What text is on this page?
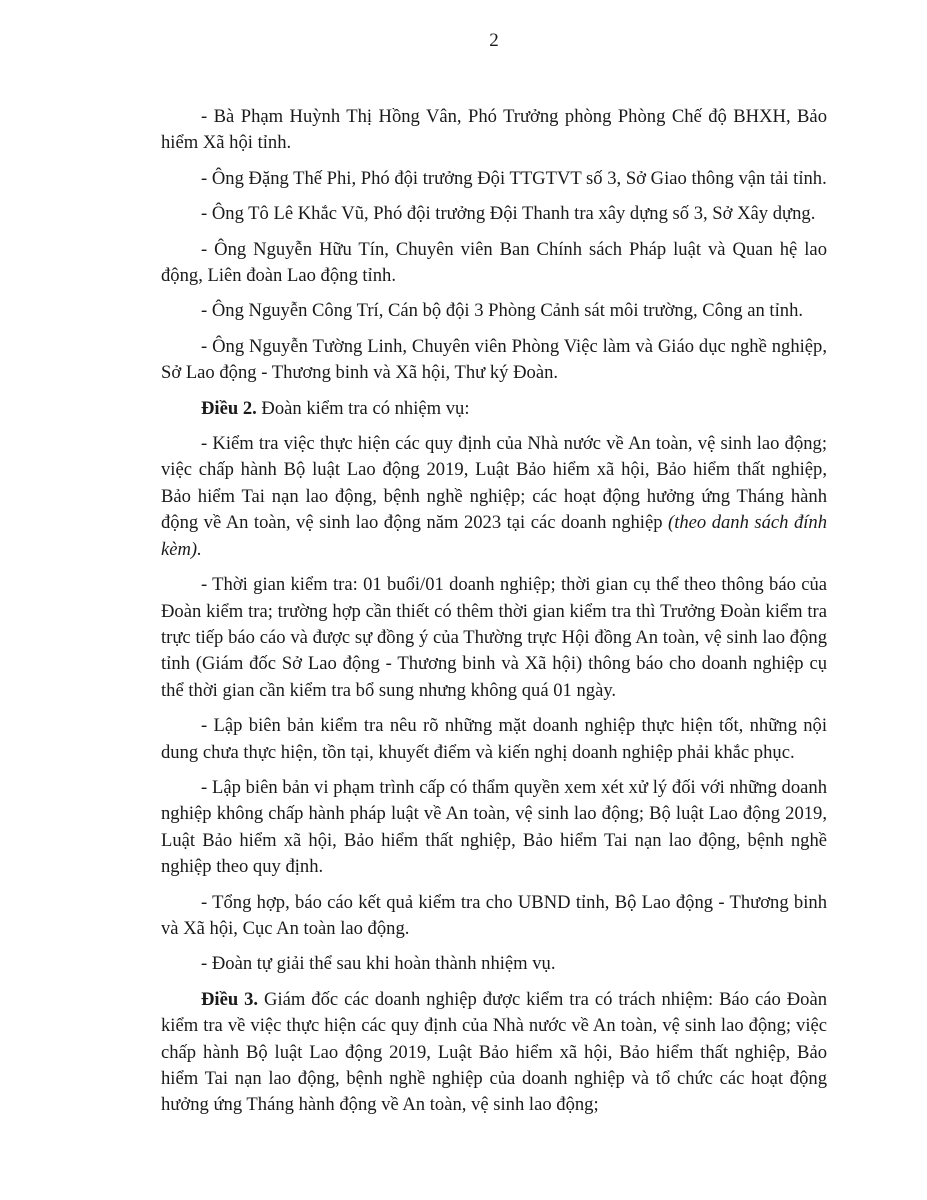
2

- Bà Phạm Huỳnh Thị Hồng Vân, Phó Trưởng phòng Phòng Chế độ BHXH, Bảo hiểm Xã hội tỉnh.

- Ông Đặng Thế Phi, Phó đội trưởng Đội TTGTVT số 3, Sở Giao thông vận tải tỉnh.

- Ông Tô Lê Khắc Vũ, Phó đội trưởng Đội Thanh tra xây dựng số 3, Sở Xây dựng.

- Ông Nguyễn Hữu Tín, Chuyên viên Ban Chính sách Pháp luật và Quan hệ lao động, Liên đoàn Lao động tỉnh.

- Ông Nguyễn Công Trí, Cán bộ đội 3 Phòng Cảnh sát môi trường, Công an tỉnh.

- Ông Nguyễn Tường Linh, Chuyên viên Phòng Việc làm và Giáo dục nghề nghiệp, Sở Lao động - Thương binh và Xã hội, Thư ký Đoàn.

Điều 2. Đoàn kiểm tra có nhiệm vụ:

- Kiểm tra việc thực hiện các quy định của Nhà nước về An toàn, vệ sinh lao động; việc chấp hành Bộ luật Lao động 2019, Luật Bảo hiểm xã hội, Bảo hiểm thất nghiệp, Bảo hiểm Tai nạn lao động, bệnh nghề nghiệp; các hoạt động hưởng ứng Tháng hành động về An toàn, vệ sinh lao động năm 2023 tại các doanh nghiệp (theo danh sách đính kèm).

- Thời gian kiểm tra: 01 buổi/01 doanh nghiệp; thời gian cụ thể theo thông báo của Đoàn kiểm tra; trường hợp cần thiết có thêm thời gian kiểm tra thì Trưởng Đoàn kiểm tra trực tiếp báo cáo và được sự đồng ý của Thường trực Hội đồng An toàn, vệ sinh lao động tỉnh (Giám đốc Sở Lao động - Thương binh và Xã hội) thông báo cho doanh nghiệp cụ thể thời gian cần kiểm tra bổ sung nhưng không quá 01 ngày.

- Lập biên bản kiểm tra nêu rõ những mặt doanh nghiệp thực hiện tốt, những nội dung chưa thực hiện, tồn tại, khuyết điểm và kiến nghị doanh nghiệp phải khắc phục.

- Lập biên bản vi phạm trình cấp có thẩm quyền xem xét xử lý đối với những doanh nghiệp không chấp hành pháp luật về An toàn, vệ sinh lao động; Bộ luật Lao động 2019, Luật Bảo hiểm xã hội, Bảo hiểm thất nghiệp, Bảo hiểm Tai nạn lao động, bệnh nghề nghiệp theo quy định.

- Tổng hợp, báo cáo kết quả kiểm tra cho UBND tỉnh, Bộ Lao động - Thương binh và Xã hội, Cục An toàn lao động.

- Đoàn tự giải thể sau khi hoàn thành nhiệm vụ.

Điều 3. Giám đốc các doanh nghiệp được kiểm tra có trách nhiệm: Báo cáo Đoàn kiểm tra về việc thực hiện các quy định của Nhà nước về An toàn, vệ sinh lao động; việc chấp hành Bộ luật Lao động 2019, Luật Bảo hiểm xã hội, Bảo hiểm thất nghiệp, Bảo hiểm Tai nạn lao động, bệnh nghề nghiệp của doanh nghiệp và tổ chức các hoạt động hưởng ứng Tháng hành động về An toàn, vệ sinh lao động;
